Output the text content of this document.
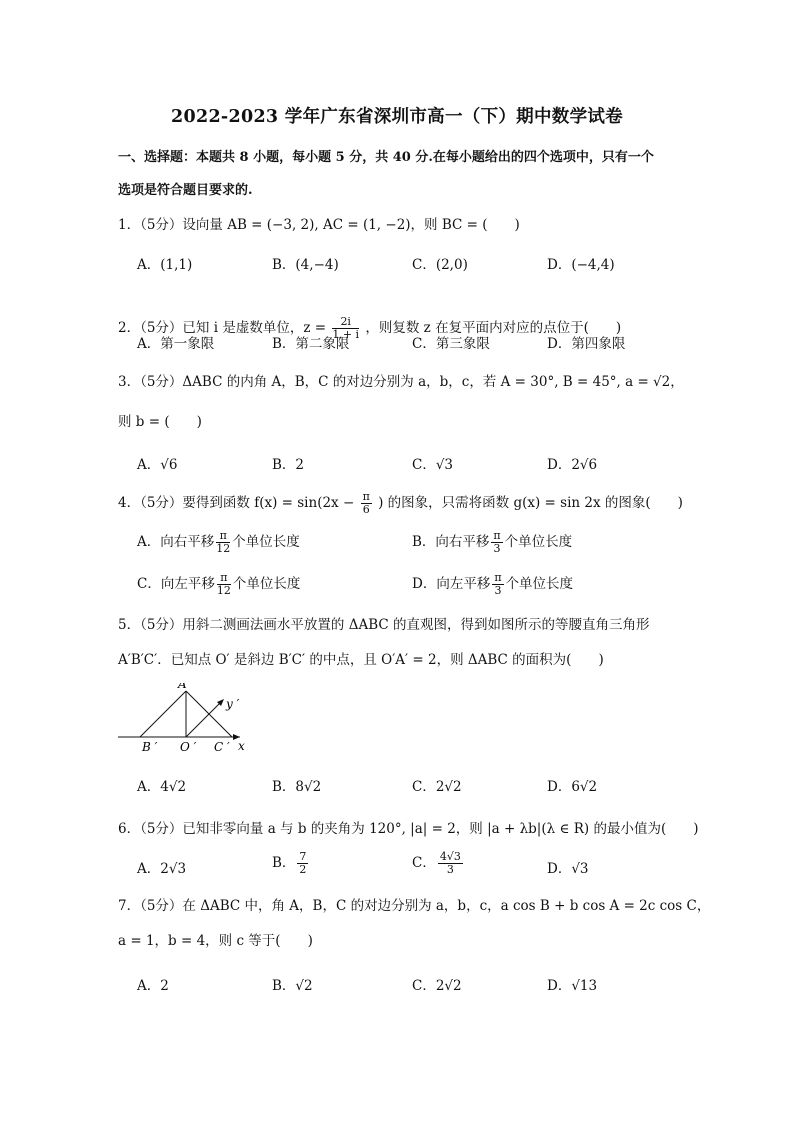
2022-2023 学年广东省深圳市高一（下）期中数学试卷
一、选择题：本题共 8 小题，每小题 5 分，共 40 分.在每小题给出的四个选项中，只有一个
选项是符合题目要求的.
1．（5分）设向量 AB = (−3, 2), AC = (1, −2)，则 BC = (　　)
A．(1,1)	B．(4,−4)	C．(2,0)	D．(−4,4)
2．（5分）已知 i 是虚数单位，$z = \frac{2i}{1 + i}$ ，则复数 z 在复平面内对应的点位于(　　)
A．第一象限	B．第二象限	C．第三象限	D．第四象限
3．（5分）ΔABC 的内角 A，B，C 的对边分别为 a，b，c，若 A = 30°, B = 45°, a = √2，
则 b = (　　)
A．√6	B．2	C．√3	D．2√6
4．（5分）要得到函数 $f(x) = \sin(2x - \frac{\pi}{6}$ ) 的图象，只需将函数 g(x) = sin 2x 的图象(　　)
A．向右平移 $\frac{\pi}{12}$ 个单位长度	B．向右平移 $\frac{\pi}{3}$ 个单位长度
C．向左平移 $\frac{\pi}{12}$ 个单位长度	D．向左平移 $\frac{\pi}{3}$ 个单位长度
5．（5分）用斜二测画法画水平放置的 ΔABC 的直观图，得到如图所示的等腰直角三角形
A′B′C′．已知点 O′ 是斜边 B′C′ 的中点，且 O′A′ = 2，则 ΔABC 的面积为(　　)
A ′
y ′
B ′ O ′ C ′ x
A．4√2	B．8√2	C．2√2	D．6√2
6．（5分）已知非零向量 a 与 b 的夹角为 120°, |a| = 2，则 |a + λb|(λ ∈ R) 的最小值为(　　)
A．2√3	B． $\frac{7}{2}$	C． $\frac{4√3}{3}$	D．√3
7．（5分）在 ΔABC 中，角 A，B，C 的对边分别为 a，b，c，a cos B + b cos A = 2c cos C，
a = 1，b = 4，则 c 等于(　　)
A．2	B．√2	C．2√2	D．√13
